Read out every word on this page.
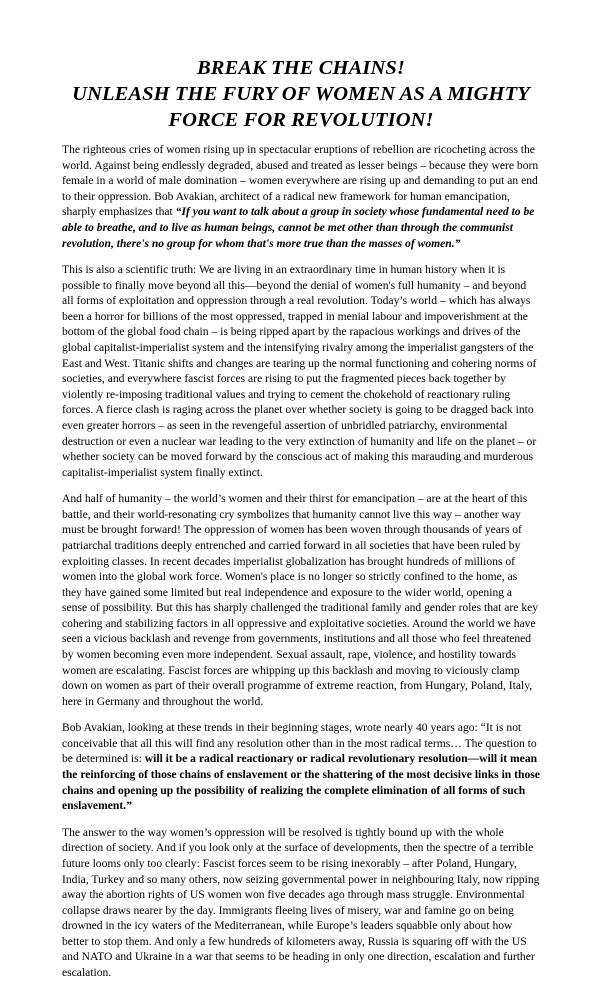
BREAK THE CHAINS!
UNLEASH THE FURY OF WOMEN AS A MIGHTY
FORCE FOR REVOLUTION!

The righteous cries of women rising up in spectacular eruptions of rebellion are ricocheting across the world. Against being endlessly degraded, abused and treated as lesser beings – because they were born female in a world of male domination – women everywhere are rising up and demanding to put an end to their oppression. Bob Avakian, architect of a radical new framework for human emancipation, sharply emphasizes that “If you want to talk about a group in society whose fundamental need to be able to breathe, and to live as human beings, cannot be met other than through the communist revolution, there's no group for whom that's more true than the masses of women.”

This is also a scientific truth: We are living in an extraordinary time in human history when it is possible to finally move beyond all this—beyond the denial of women's full humanity – and beyond all forms of exploitation and oppression through a real revolution. Today’s world – which has always been a horror for billions of the most oppressed, trapped in menial labour and impoverishment at the bottom of the global food chain – is being ripped apart by the rapacious workings and drives of the global capitalist-imperialist system and the intensifying rivalry among the imperialist gangsters of the East and West. Titanic shifts and changes are tearing up the normal functioning and cohering norms of societies, and everywhere fascist forces are rising to put the fragmented pieces back together by violently re-imposing traditional values and trying to cement the chokehold of reactionary ruling forces. A fierce clash is raging across the planet over whether society is going to be dragged back into even greater horrors – as seen in the revengeful assertion of unbridled patriarchy, environmental destruction or even a nuclear war leading to the very extinction of humanity and life on the planet – or whether society can be moved forward by the conscious act of making this marauding and murderous capitalist-imperialist system finally extinct.

And half of humanity – the world’s women and their thirst for emancipation – are at the heart of this battle, and their world-resonating cry symbolizes that humanity cannot live this way – another way must be brought forward! The oppression of women has been woven through thousands of years of patriarchal traditions deeply entrenched and carried forward in all societies that have been ruled by exploiting classes. In recent decades imperialist globalization has brought hundreds of millions of women into the global work force. Women's place is no longer so strictly confined to the home, as they have gained some limited but real independence and exposure to the wider world, opening a sense of possibility. But this has sharply challenged the traditional family and gender roles that are key cohering and stabilizing factors in all oppressive and exploitative societies. Around the world we have seen a vicious backlash and revenge from governments, institutions and all those who feel threatened by women becoming even more independent. Sexual assault, rape, violence, and hostility towards women are escalating. Fascist forces are whipping up this backlash and moving to viciously clamp down on women as part of their overall programme of extreme reaction, from Hungary, Poland, Italy, here in Germany and throughout the world.

Bob Avakian, looking at these trends in their beginning stages, wrote nearly 40 years ago: “It is not conceivable that all this will find any resolution other than in the most radical terms… The question to be determined is: will it be a radical reactionary or radical revolutionary resolution—will it mean the reinforcing of those chains of enslavement or the shattering of the most decisive links in those chains and opening up the possibility of realizing the complete elimination of all forms of such enslavement.”

The answer to the way women’s oppression will be resolved is tightly bound up with the whole direction of society. And if you look only at the surface of developments, then the spectre of a terrible future looms only too clearly: Fascist forces seem to be rising inexorably – after Poland, Hungary, India, Turkey and so many others, now seizing governmental power in neighbouring Italy, now ripping away the abortion rights of US women won five decades ago through mass struggle. Environmental collapse draws nearer by the day. Immigrants fleeing lives of misery, war and famine go on being drowned in the icy waters of the Mediterranean, while Europe’s leaders squabble only about how better to stop them. And only a few hundreds of kilometers away, Russia is squaring off with the US and NATO and Ukraine in a war that seems to be heading in only one direction, escalation and further escalation.
